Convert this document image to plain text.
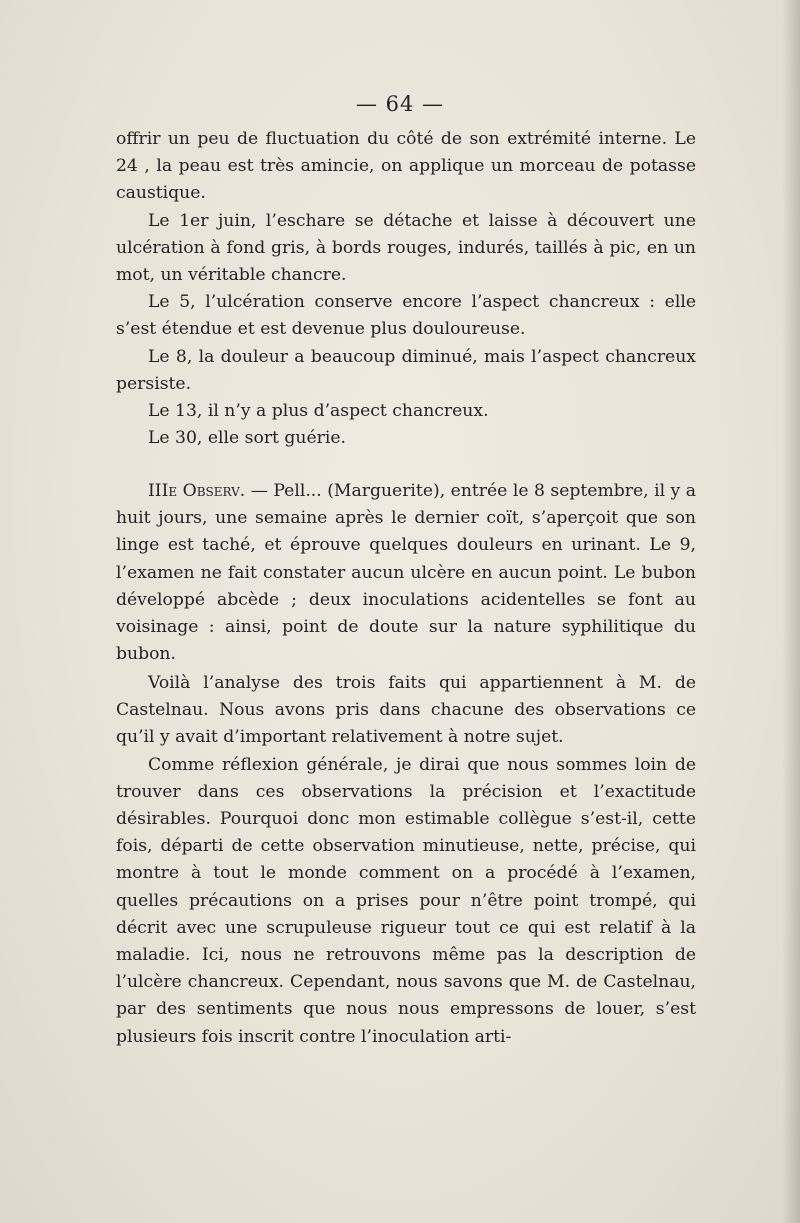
— 64 —

offrir un peu de fluctuation du côté de son extrémité interne. Le 24 , la peau est très amincie, on applique un morceau de potasse caustique.

Le 1er juin, l’eschare se détache et laisse à découvert une ulcération à fond gris, à bords rouges, indurés, taillés à pic, en un mot, un véritable chancre.

Le 5, l’ulcération conserve encore l’aspect chancreux : elle s’est étendue et est devenue plus douloureuse.

Le 8, la douleur a beaucoup diminué, mais l’aspect chancreux persiste.

Le 13, il n’y a plus d’aspect chancreux.

Le 30, elle sort guérie.

IIIe Observ. — Pell... (Marguerite), entrée le 8 septembre, il y a huit jours, une semaine après le dernier coït, s’aperçoit que son linge est taché, et éprouve quelques douleurs en urinant. Le 9, l’examen ne fait constater aucun ulcère en aucun point. Le bubon développé abcède ; deux inoculations acidentelles se font au voisinage : ainsi, point de doute sur la nature syphilitique du bubon.

Voilà l’analyse des trois faits qui appartiennent à M. de Castelnau. Nous avons pris dans chacune des observations ce qu’il y avait d’important relativement à notre sujet.

Comme réflexion générale, je dirai que nous sommes loin de trouver dans ces observations la précision et l’exactitude désirables. Pourquoi donc mon estimable collègue s’est-il, cette fois, départi de cette observation minutieuse, nette, précise, qui montre à tout le monde comment on a procédé à l’examen, quelles précautions on a prises pour n’être point trompé, qui décrit avec une scrupuleuse rigueur tout ce qui est relatif à la maladie. Ici, nous ne retrouvons même pas la description de l’ulcère chancreux. Cependant, nous savons que M. de Castelnau, par des sentiments que nous nous empressons de louer, s’est plusieurs fois inscrit contre l’inoculation arti-
